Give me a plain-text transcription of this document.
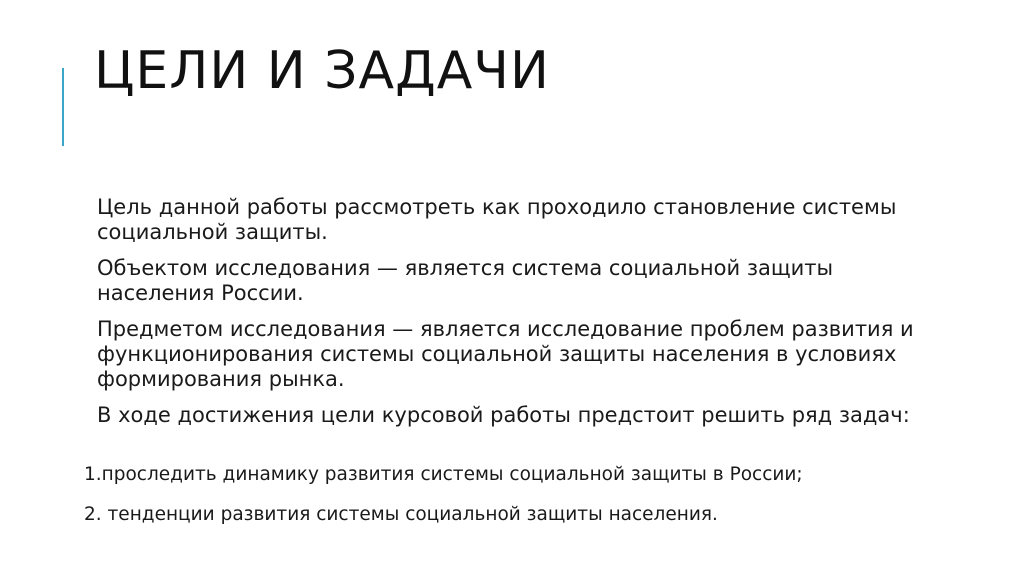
ЦЕЛИ И ЗАДАЧИ

Цель данной работы рассмотреть как проходило становление системы социальной защиты.

Объектом исследования — является система социальной защиты населения России.

Предметом исследования — является исследование проблем развития и функционирования системы социальной защиты населения в условиях формирования рынка.

В ходе достижения цели курсовой работы предстоит решить ряд задач:

1.проследить динамику развития системы социальной защиты в России;
2. тенденции развития системы социальной защиты населения.
